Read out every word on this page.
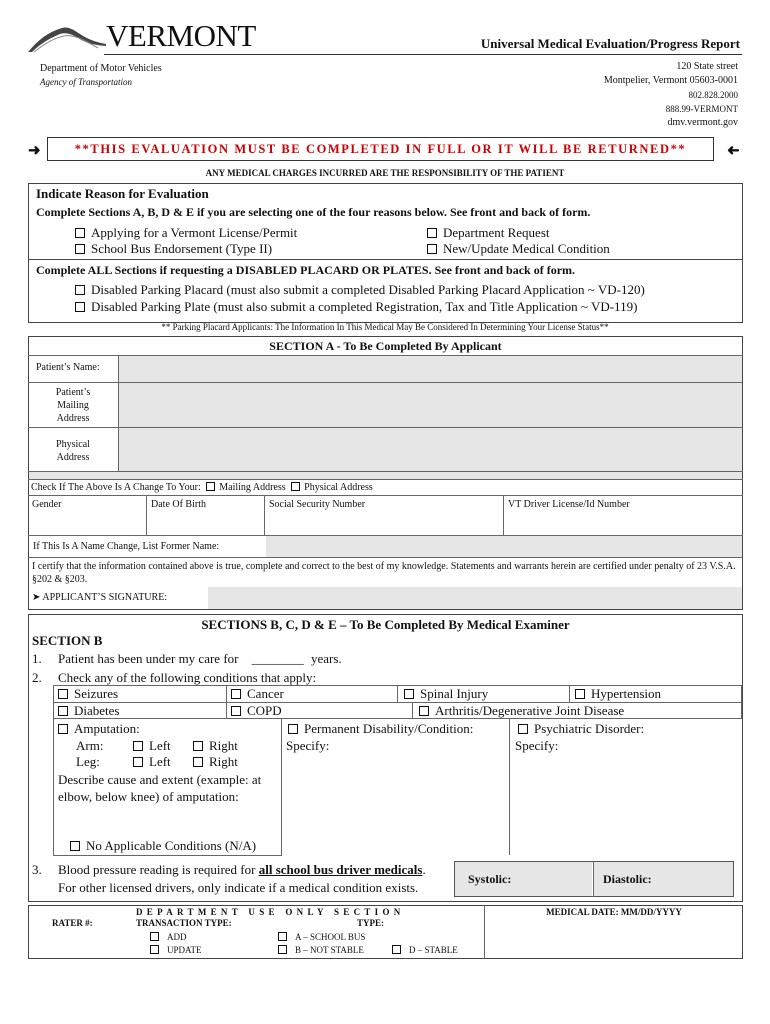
VERMONT	Universal Medical Evaluation/Progress Report
Department of Motor Vehicles
Agency of Transportation
120 State street
Montpelier, Vermont 05603-0001
802.828.2000
888.99-VERMONT
dmv.vermont.gov
➜	**THIS EVALUATION MUST BE COMPLETED IN FULL OR IT WILL BE RETURNED**	➜
ANY MEDICAL CHARGES INCURRED ARE THE RESPONSIBILITY OF THE PATIENT
Indicate Reason for Evaluation
Complete Sections A, B, D & E if you are selecting one of the four reasons below. See front and back of form.
Applying for a Vermont License/Permit
School Bus Endorsement (Type II)
Department Request
New/Update Medical Condition
Complete ALL Sections if requesting a DISABLED PLACARD OR PLATES. See front and back of form.
Disabled Parking Placard (must also submit a completed Disabled Parking Placard Application ~ VD-120)
Disabled Parking Plate (must also submit a completed Registration, Tax and Title Application ~ VD-119)
** Parking Placard Applicants: The Information In This Medical May Be Considered In Determining Your License Status**
SECTION A - To Be Completed By Applicant
Patient’s Name:
Patient’s
Mailing
Address
Physical
Address
Check If The Above Is A Change To Your: Mailing Address Physical Address
Gender	Date Of Birth	Social Security Number	VT Driver License/Id Number
If This Is A Name Change, List Former Name:
I certify that the information contained above is true, complete and correct to the best of my knowledge. Statements and warrants herein are certified under penalty of 23 V.S.A. §202 & §203.
➤ APPLICANT’S SIGNATURE:
SECTIONS B, C, D & E – To Be Completed By Medical Examiner
SECTION B
1. Patient has been under my care for ________ years.
2. Check any of the following conditions that apply:
Seizures	Cancer	Spinal Injury	Hypertension
Diabetes	COPD	Arthritis/Degenerative Joint Disease
Amputation:
Arm:	Left	Right
Leg:	Left	Right
Describe cause and extent (example: at elbow, below knee) of amputation:
No Applicable Conditions (N/A)
Permanent Disability/Condition:
Specify:
Psychiatric Disorder:
Specify:
3. Blood pressure reading is required for all school bus driver medicals.
For other licensed drivers, only indicate if a medical condition exists.
Systolic:	Diastolic:
DEPARTMENT USE ONLY SECTION
RATER #:	TRANSACTION TYPE:
ADD
UPDATE
TYPE:
A – SCHOOL BUS
B – NOT STABLE	D – STABLE
MEDICAL DATE: MM/DD/YYYY
